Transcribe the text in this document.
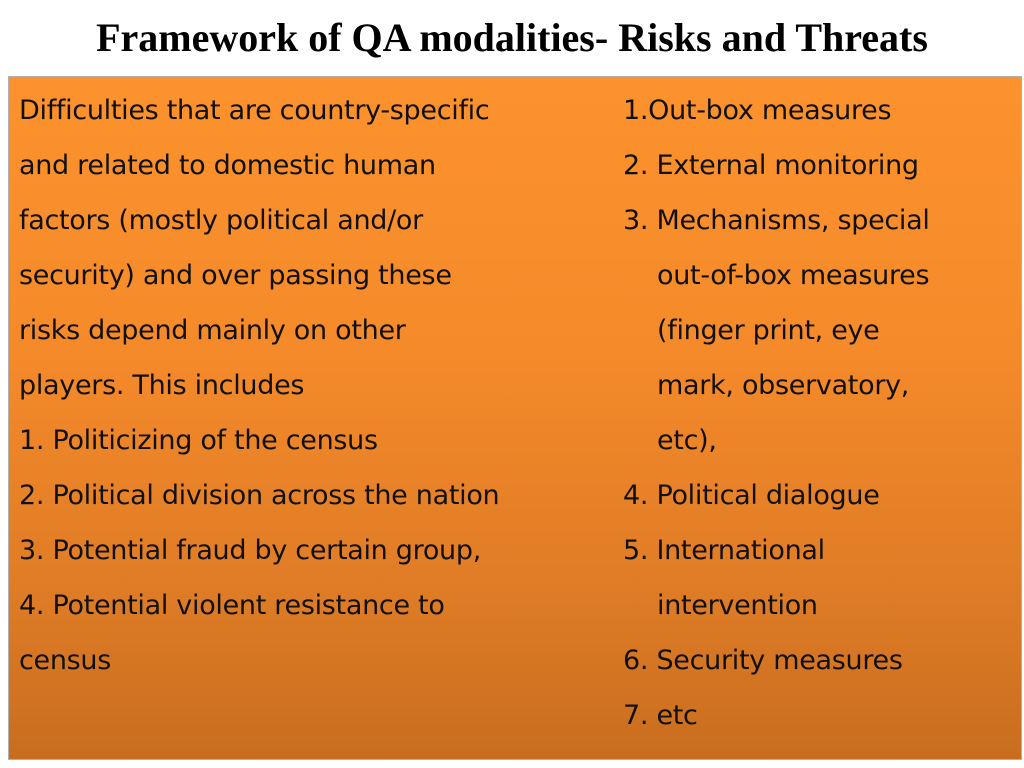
Framework of QA modalities- Risks and Threats
Difficulties that are country-specific
and related to domestic human
factors (mostly political and/or
security) and over passing these
risks depend mainly on other
players. This includes
1. Politicizing of the census
2. Political division across the nation
3. Potential fraud by certain group,
4. Potential violent resistance to
census
1.Out-box measures
2. External monitoring
3. Mechanisms, special
out-of-box measures
(finger print, eye
mark, observatory,
etc),
4. Political dialogue
5. International
intervention
6. Security measures
7. etc
